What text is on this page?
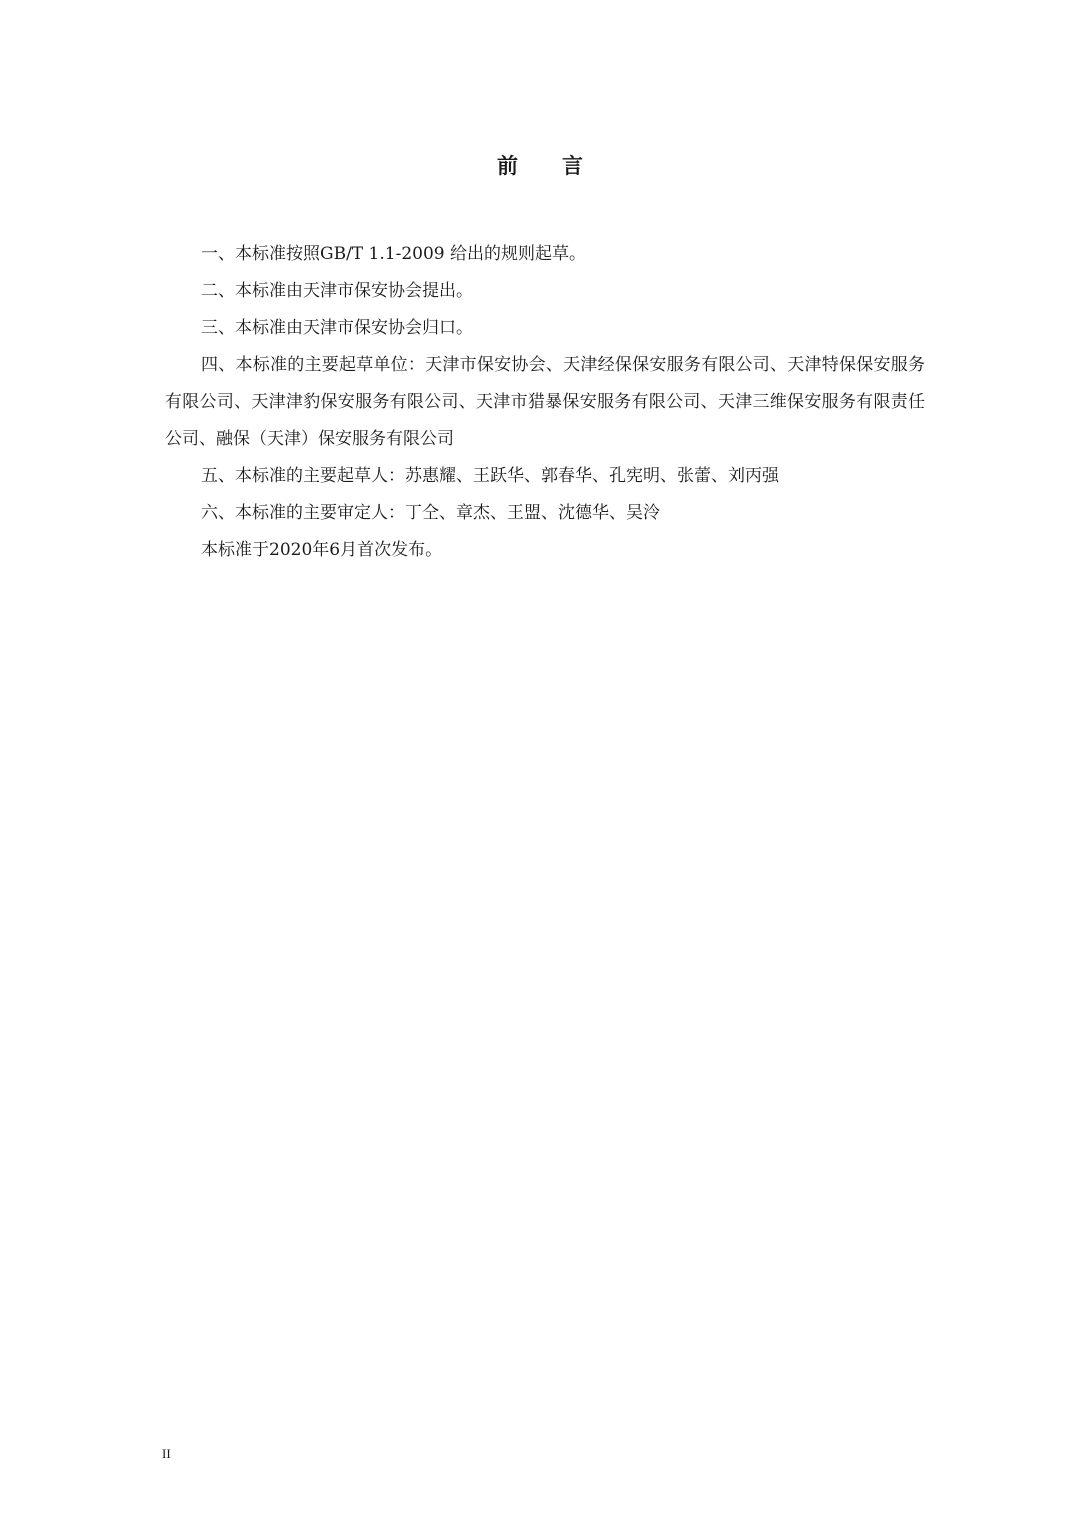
前 言

一、本标准按照GB/T 1.1-2009 给出的规则起草。

二、本标准由天津市保安协会提出。

三、本标准由天津市保安协会归口。

四、本标准的主要起草单位：天津市保安协会、天津经保保安服务有限公司、天津特保保安服务有限公司、天津津豹保安服务有限公司、天津市猎暴保安服务有限公司、天津三维保安服务有限责任公司、融保（天津）保安服务有限公司

五、本标准的主要起草人：苏惠耀、王跃华、郭春华、孔宪明、张蕾、刘丙强

六、本标准的主要审定人：丁仝、章杰、王盟、沈德华、吴泠

本标准于2020年6月首次发布。

II
